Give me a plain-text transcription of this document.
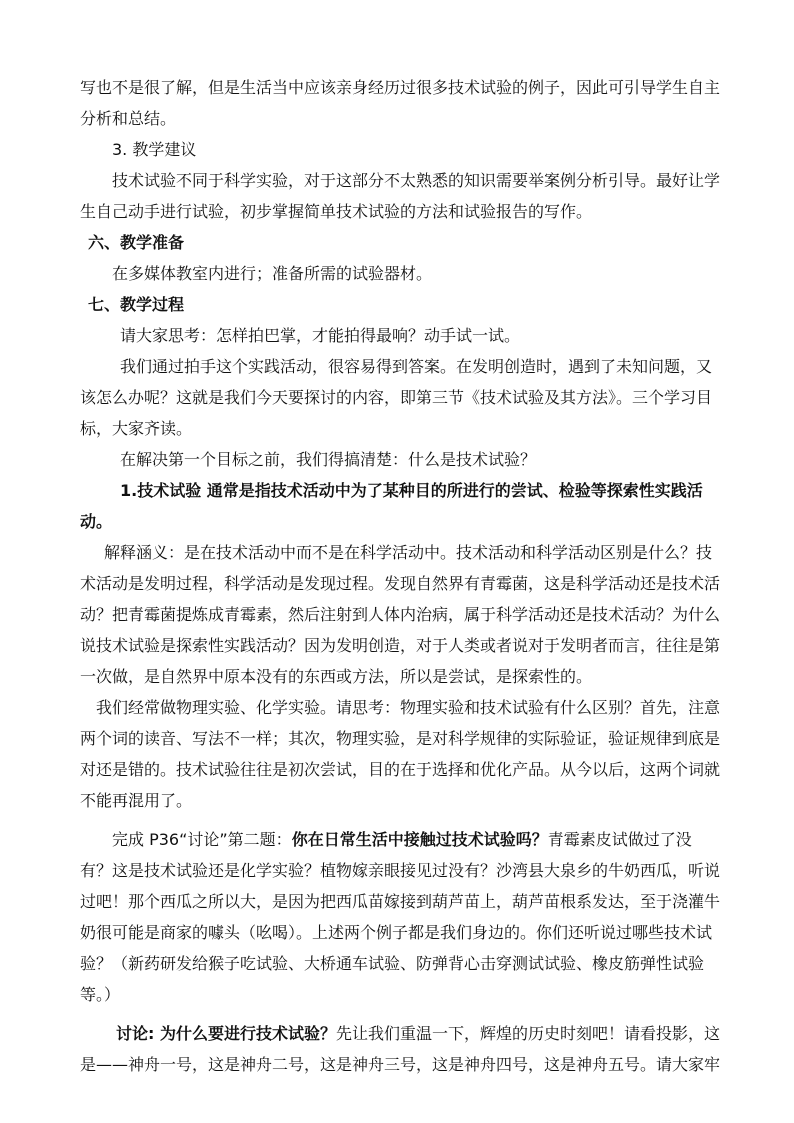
写也不是很了解，但是生活当中应该亲身经历过很多技术试验的例子，因此可引导学生自主分析和总结。

3. 教学建议

技术试验不同于科学实验，对于这部分不太熟悉的知识需要举案例分析引导。最好让学生自己动手进行试验，初步掌握简单技术试验的方法和试验报告的写作。

六、教学准备

在多媒体教室内进行；准备所需的试验器材。

七、教学过程

请大家思考：怎样拍巴掌，才能拍得最响？动手试一试。

我们通过拍手这个实践活动，很容易得到答案。在发明创造时，遇到了未知问题，又该怎么办呢？这就是我们今天要探讨的内容，即第三节《技术试验及其方法》。三个学习目标，大家齐读。

在解决第一个目标之前，我们得搞清楚：什么是技术试验？

1.技术试验 通常是指技术活动中为了某种目的所进行的尝试、检验等探索性实践活动。

解释涵义：是在技术活动中而不是在科学活动中。技术活动和科学活动区别是什么？技术活动是发明过程，科学活动是发现过程。发现自然界有青霉菌，这是科学活动还是技术活动？把青霉菌提炼成青霉素，然后注射到人体内治病，属于科学活动还是技术活动？为什么说技术试验是探索性实践活动？因为发明创造，对于人类或者说对于发明者而言，往往是第一次做，是自然界中原本没有的东西或方法，所以是尝试，是探索性的。

我们经常做物理实验、化学实验。请思考：物理实验和技术试验有什么区别？首先，注意两个词的读音、写法不一样；其次，物理实验，是对科学规律的实际验证，验证规律到底是对还是错的。技术试验往往是初次尝试，目的在于选择和优化产品。从今以后，这两个词就不能再混用了。

完成 P36“讨论”第二题：你在日常生活中接触过技术试验吗？青霉素皮试做过了没有？这是技术试验还是化学实验？植物嫁亲眼接见过没有？沙湾县大泉乡的牛奶西瓜，听说过吧！那个西瓜之所以大，是因为把西瓜苗嫁接到葫芦苗上，葫芦苗根系发达，至于浇灌牛奶很可能是商家的噱头（吆喝）。上述两个例子都是我们身边的。你们还听说过哪些技术试验？（新药研发给猴子吃试验、大桥通车试验、防弹背心击穿测试试验、橡皮筋弹性试验等。）

讨论: 为什么要进行技术试验？先让我们重温一下，辉煌的历史时刻吧！请看投影，这是——神舟一号，这是神舟二号，这是神舟三号，这是神舟四号，这是神舟五号。请大家牢
